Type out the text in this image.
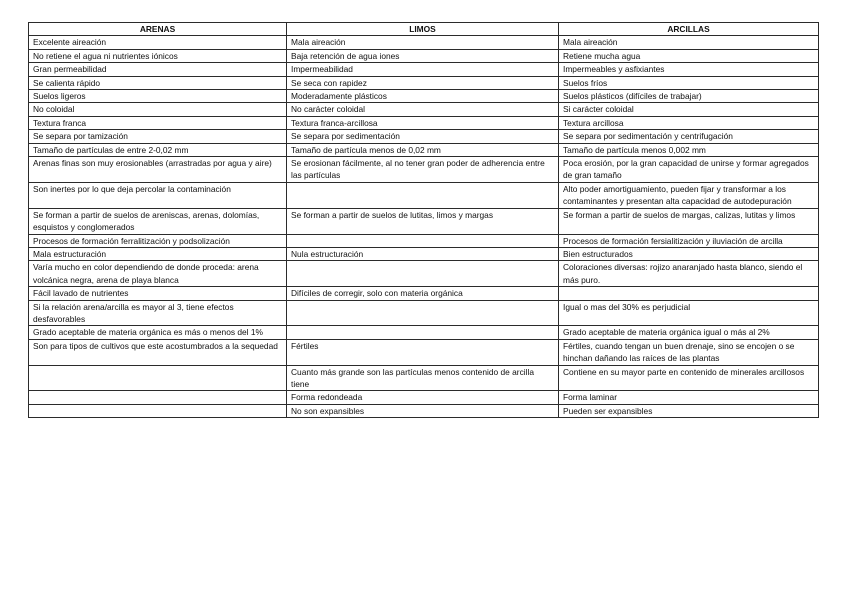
ARENAS	LIMOS	ARCILLAS
Excelente aireación	Mala aireación	Mala aireación
No retiene el agua ni nutrientes iónicos	Baja retención de agua iones	Retiene mucha agua
Gran permeabilidad	Impermeabilidad	Impermeables y asfixiantes
Se calienta rápido	Se seca con rapidez	Suelos fríos
Suelos ligeros	Moderadamente plásticos	Suelos plásticos (difíciles de trabajar)
No coloidal	No carácter coloidal	Si carácter coloidal
Textura franca	Textura franca-arcillosa	Textura arcillosa
Se separa por tamización	Se separa por sedimentación	Se separa por sedimentación y centrifugación
Tamaño de partículas de entre 2-0,02 mm	Tamaño de partícula menos de 0,02 mm	Tamaño de partícula menos 0,002 mm
Arenas finas son muy erosionables (arrastradas por agua y aire)	Se erosionan fácilmente, al no tener gran poder de adherencia entre las partículas	Poca erosión, por la gran capacidad de unirse y formar agregados de gran tamaño
Son inertes por lo que deja percolar la contaminación		Alto poder amortiguamiento, pueden fijar y transformar a los contaminantes y presentan alta capacidad de autodepuración
Se forman a partir de suelos de areniscas, arenas, dolomías, esquistos y conglomerados	Se forman a partir de suelos de lutitas, limos y margas	Se forman a partir de suelos de margas, calizas, lutitas y limos
Procesos de formación ferralitización y podsolización		Procesos de formación fersialitización y iluviación de arcilla
Mala estructuración	Nula estructuración	Bien estructurados
Varía mucho en color dependiendo de donde proceda: arena volcánica negra, arena de playa blanca		Coloraciones diversas: rojizo anaranjado hasta blanco, siendo el más puro.
Fácil lavado de nutrientes	Difíciles de corregir, solo con materia orgánica	
Si la relación arena/arcilla es mayor al 3, tiene efectos desfavorables		Igual o mas del 30% es perjudicial
Grado aceptable de materia orgánica es más o menos del 1%		Grado aceptable de materia orgánica igual o más al 2%
Son para tipos de cultivos que este acostumbrados a la sequedad	Fértiles	Fértiles, cuando tengan un buen drenaje, sino se encojen o se hinchan dañando las raíces de las plantas
	Cuanto más grande son las partículas menos contenido de arcilla tiene	Contiene en su mayor parte en contenido de minerales arcillosos
	Forma redondeada	Forma laminar
	No son expansibles	Pueden ser expansibles
